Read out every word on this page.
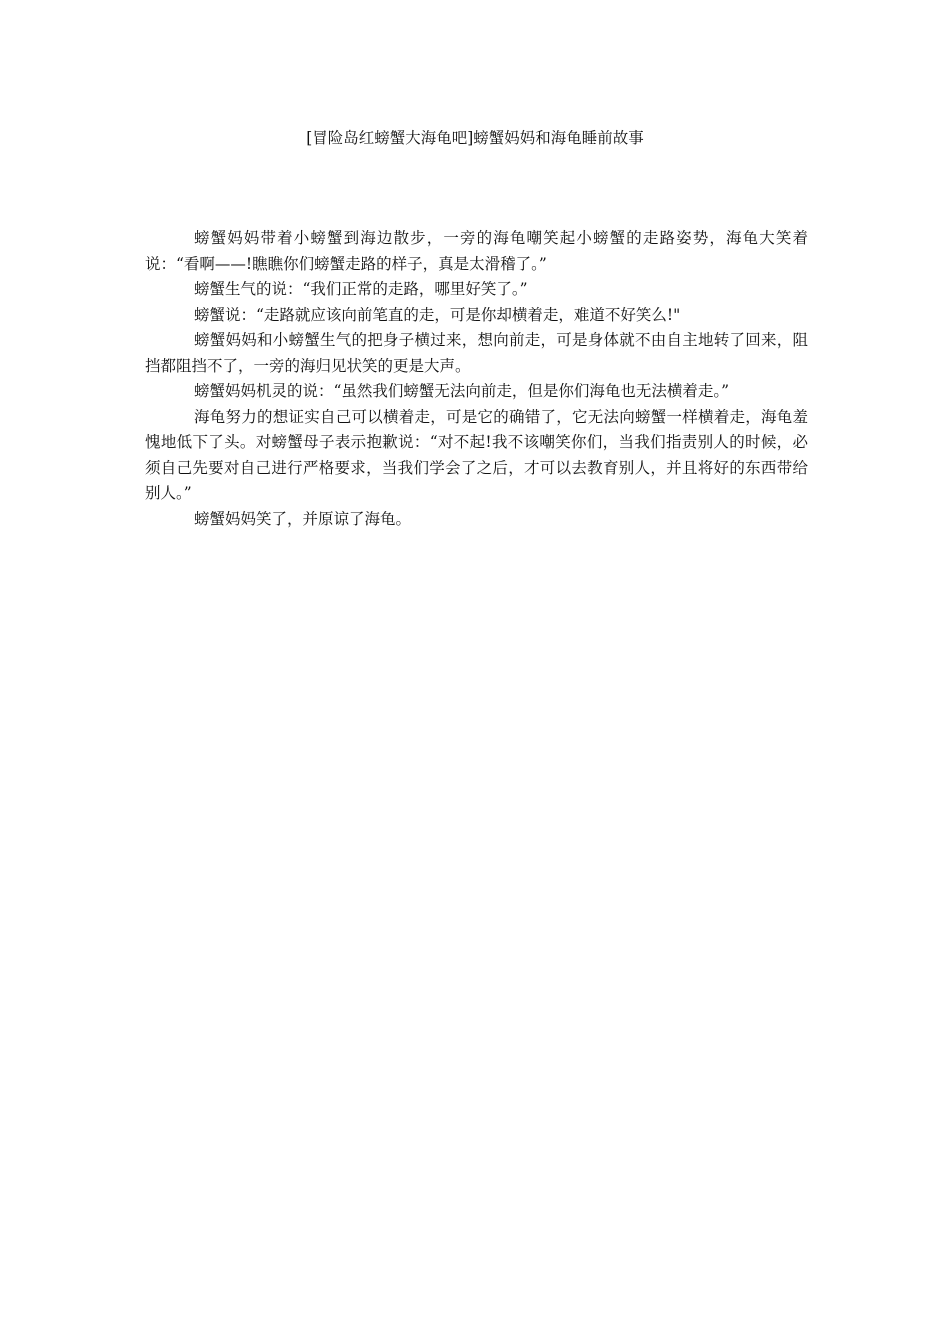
[冒险岛红螃蟹大海龟吧]螃蟹妈妈和海龟睡前故事

螃蟹妈妈带着小螃蟹到海边散步，一旁的海龟嘲笑起小螃蟹的走路姿势，海龟大笑着说：“看啊——!瞧瞧你们螃蟹走路的样子，真是太滑稽了。”

螃蟹生气的说：“我们正常的走路，哪里好笑了。”

螃蟹说：“走路就应该向前笔直的走，可是你却横着走，难道不好笑么!"

螃蟹妈妈和小螃蟹生气的把身子横过来，想向前走，可是身体就不由自主地转了回来，阻挡都阻挡不了，一旁的海归见状笑的更是大声。

螃蟹妈妈机灵的说：“虽然我们螃蟹无法向前走，但是你们海龟也无法横着走。”

海龟努力的想证实自己可以横着走，可是它的确错了，它无法向螃蟹一样横着走，海龟羞愧地低下了头。对螃蟹母子表示抱歉说：“对不起!我不该嘲笑你们，当我们指责别人的时候，必须自己先要对自己进行严格要求，当我们学会了之后，才可以去教育别人，并且将好的东西带给别人。”

螃蟹妈妈笑了，并原谅了海龟。
